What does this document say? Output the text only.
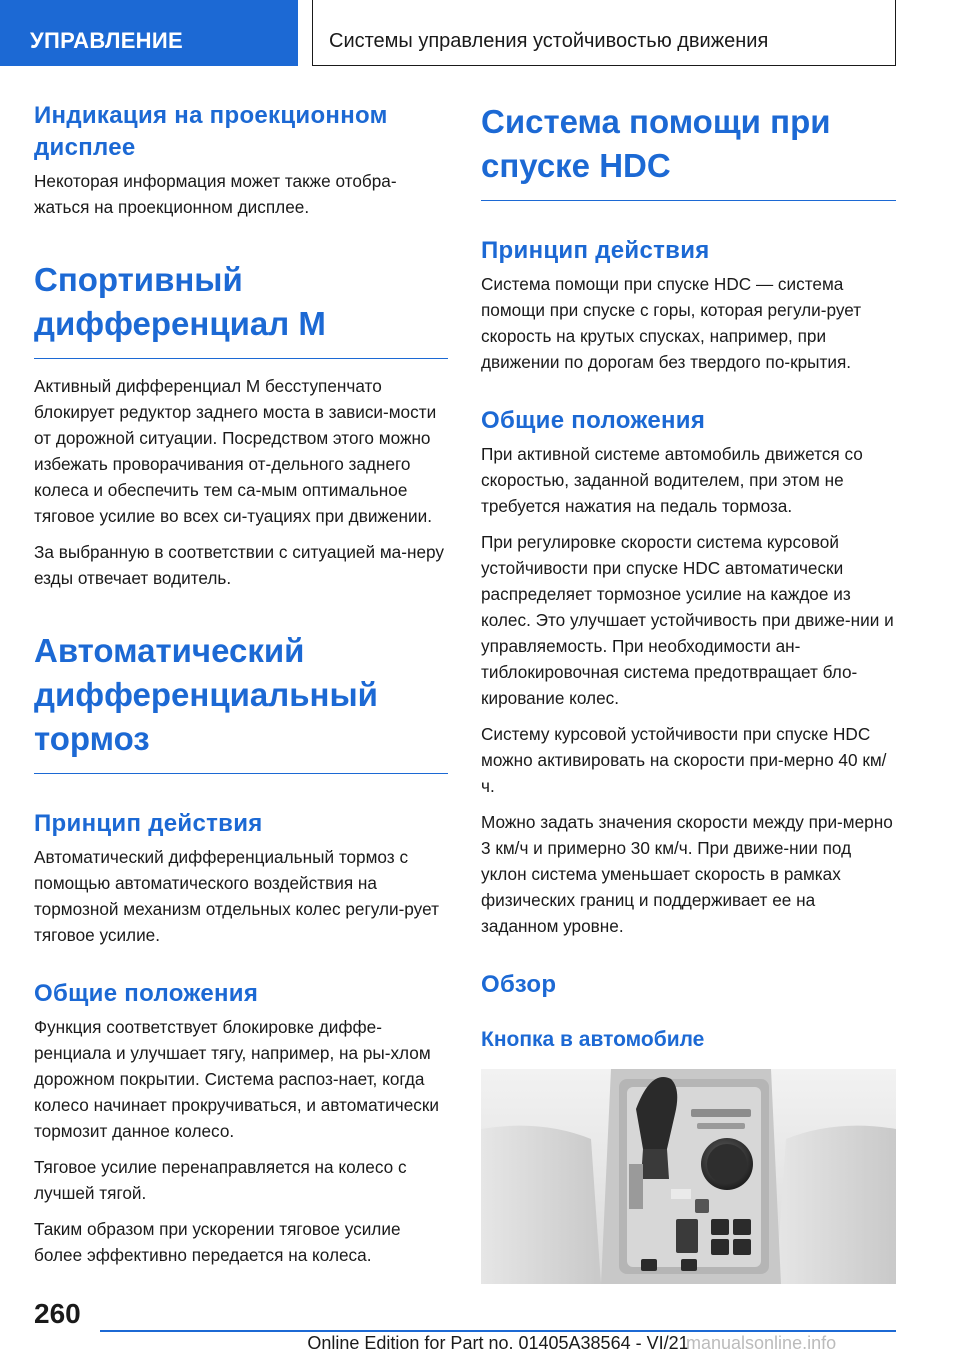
УПРАВЛЕНИЕ	Системы управления устойчивостью движения
Индикация на проекционном дисплее

Некоторая информация может также отобра-жаться на проекционном дисплее.

Спортивный
дифференциал M

Активный дифференциал M бесступенчато блокирует редуктор заднего моста в зависи-мости от дорожной ситуации. Посредством этого можно избежать проворачивания от-дельного заднего колеса и обеспечить тем са-мым оптимальное тяговое усилие во всех си-туациях при движении.

За выбранную в соответствии с ситуацией ма-неру езды отвечает водитель.

Автоматический
дифференциальный
тормоз
Принцип действия

Автоматический дифференциальный тормоз с помощью автоматического воздействия на тормозной механизм отдельных колес регули-рует тяговое усилие.

Общие положения

Функция соответствует блокировке диффе-ренциала и улучшает тягу, например, на ры-хлом дорожном покрытии. Система распоз-нает, когда колесо начинает прокручиваться, и автоматически тормозит данное колесо.

Тяговое усилие перенаправляется на колесо с лучшей тягой.

Таким образом при ускорении тяговое усилие более эффективно передается на колеса.

Система помощи при
спуске HDC
Принцип действия

Система помощи при спуске HDC — система помощи при спуске с горы, которая регули-рует скорость на крутых спусках, например, при движении по дорогам без твердого по-крытия.

Общие положения

При активной системе автомобиль движется со скоростью, заданной водителем, при этом не требуется нажатия на педаль тормоза.

При регулировке скорости система курсовой устойчивости при спуске HDC автоматически распределяет тормозное усилие на каждое из колес. Это улучшает устойчивость при движе-нии и управляемость. При необходимости ан-тиблокировочная система предотвращает бло-кирование колес.

Систему курсовой устойчивости при спуске HDC можно активировать на скорости при-мерно 40 км/ч.

Можно задать значения скорости между при-мерно 3 км/ч и примерно 30 км/ч. При движе-нии под уклон система уменьшает скорость в рамках физических границ и поддерживает ее на заданном уровне.

Обзор
Кнопка в автомобиле
260
Online Edition for Part no. 01405A38564 - VI/21
manualsonline.info
